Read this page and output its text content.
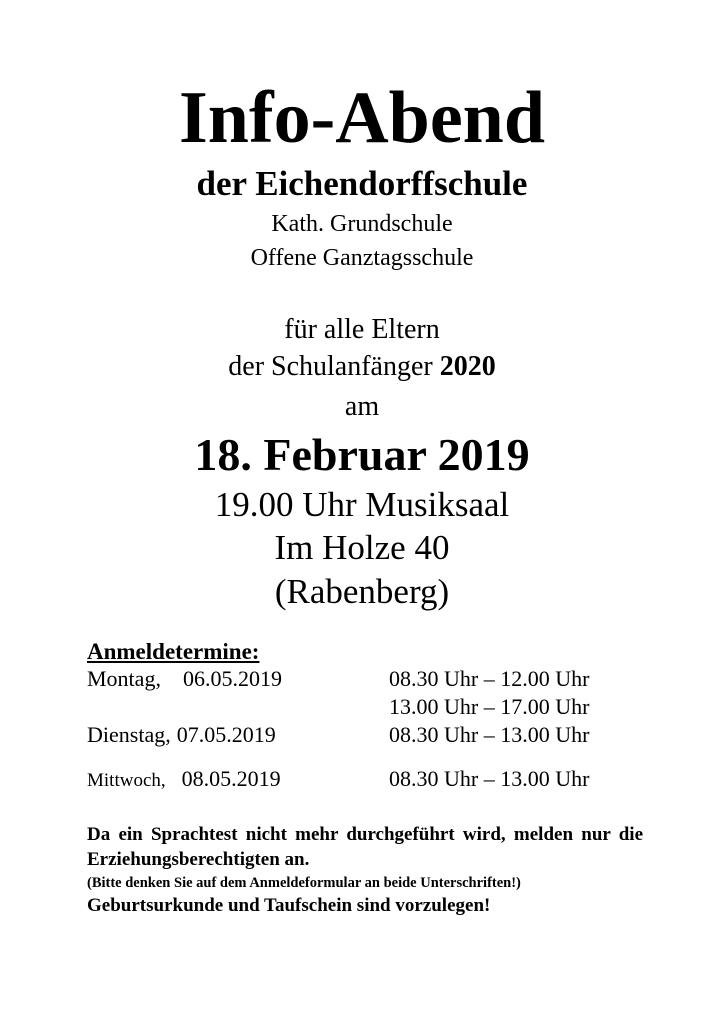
Info-Abend
der Eichendorffschule
Kath. Grundschule
Offene Ganztagsschule
für alle Eltern
der Schulanfänger 2020
am
18. Februar 2019
19.00 Uhr Musiksaal
Im Holze 40
(Rabenberg)
Anmeldetermine:
Montag, 06.05.2019	08.30 Uhr – 12.00 Uhr
13.00 Uhr – 17.00 Uhr
Dienstag, 07.05.2019	08.30 Uhr – 13.00 Uhr
Mittwoch, 08.05.2019	08.30 Uhr – 13.00 Uhr
Da ein Sprachtest nicht mehr durchgeführt wird, melden nur die Erziehungsberechtigten an.
(Bitte denken Sie auf dem Anmeldeformular an beide Unterschriften!)
Geburtsurkunde und Taufschein sind vorzulegen!
